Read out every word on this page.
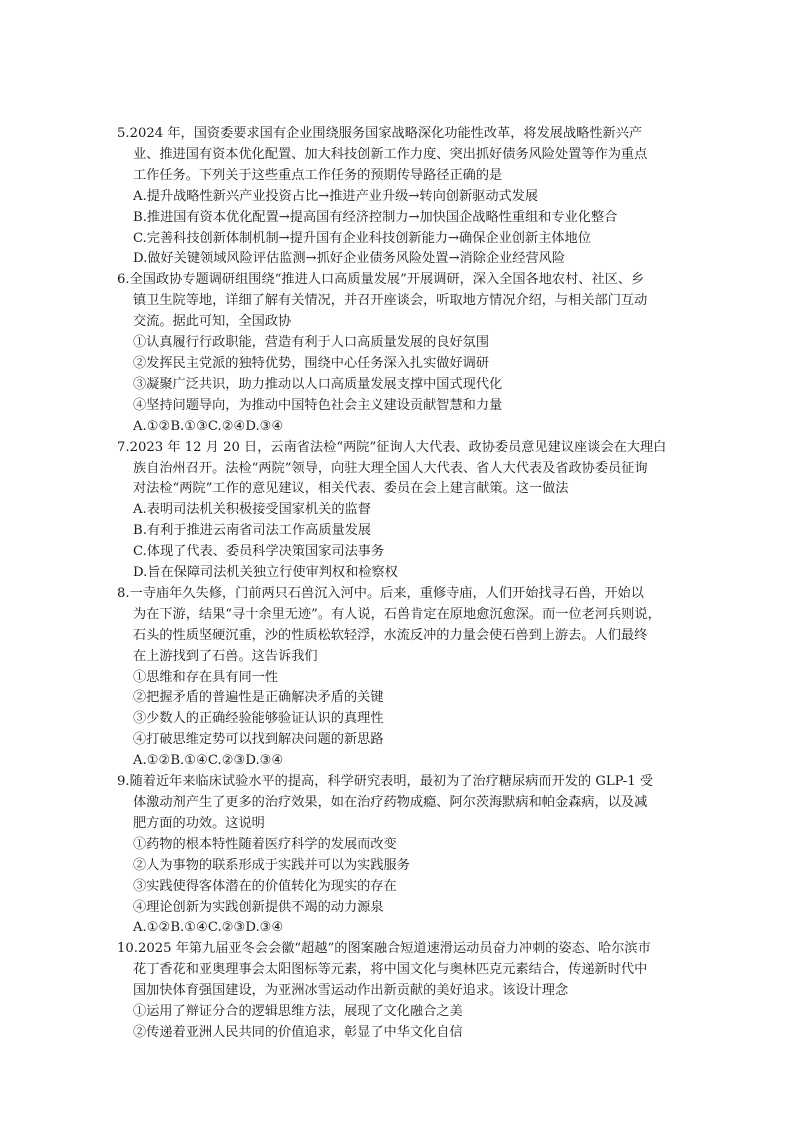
5.2024 年，国资委要求国有企业围绕服务国家战略深化功能性改革，将发展战略性新兴产
业、推进国有资本优化配置、加大科技创新工作力度、突出抓好债务风险处置等作为重点
工作任务。下列关于这些重点工作任务的预期传导路径正确的是
A.提升战略性新兴产业投资占比→推进产业升级→转向创新驱动式发展
B.推进国有资本优化配置→提高国有经济控制力→加快国企战略性重组和专业化整合
C.完善科技创新体制机制→提升国有企业科技创新能力→确保企业创新主体地位
D.做好关键领域风险评估监测→抓好企业债务风险处置→消除企业经营风险
6.全国政协专题调研组围绕“推进人口高质量发展”开展调研，深入全国各地农村、社区、乡
镇卫生院等地，详细了解有关情况，并召开座谈会，听取地方情况介绍，与相关部门互动
交流。据此可知，全国政协
①认真履行行政职能，营造有利于人口高质量发展的良好氛围
②发挥民主党派的独特优势，围绕中心任务深入扎实做好调研
③凝聚广泛共识，助力推动以人口高质量发展支撑中国式现代化
④坚持问题导向，为推动中国特色社会主义建设贡献智慧和力量
A.①②B.①③C.②④D.③④
7.2023 年 12 月 20 日，云南省法检“两院”征询人大代表、政协委员意见建议座谈会在大理白
族自治州召开。法检“两院”领导，向驻大理全国人大代表、省人大代表及省政协委员征询
对法检“两院”工作的意见建议，相关代表、委员在会上建言献策。这一做法
A.表明司法机关积极接受国家机关的监督
B.有利于推进云南省司法工作高质量发展
C.体现了代表、委员科学决策国家司法事务
D.旨在保障司法机关独立行使审判权和检察权
8.一寺庙年久失修，门前两只石兽沉入河中。后来，重修寺庙，人们开始找寻石兽，开始以
为在下游，结果“寻十余里无迹”。有人说，石兽肯定在原地愈沉愈深。而一位老河兵则说，
石头的性质坚硬沉重，沙的性质松软轻浮，水流反冲的力量会使石兽到上游去。人们最终
在上游找到了石兽。这告诉我们
①思维和存在具有同一性
②把握矛盾的普遍性是正确解决矛盾的关键
③少数人的正确经验能够验证认识的真理性
④打破思维定势可以找到解决问题的新思路
A.①②B.①④C.②③D.③④
9.随着近年来临床试验水平的提高，科学研究表明，最初为了治疗糖尿病而开发的 GLP-1 受
体激动剂产生了更多的治疗效果，如在治疗药物成瘾、阿尔茨海默病和帕金森病，以及减
肥方面的功效。这说明
①药物的根本特性随着医疗科学的发展而改变
②人为事物的联系形成于实践并可以为实践服务
③实践使得客体潜在的价值转化为现实的存在
④理论创新为实践创新提供不竭的动力源泉
A.①②B.①④C.②③D.③④
10.2025 年第九届亚冬会会徽“超越”的图案融合短道速滑运动员奋力冲刺的姿态、哈尔滨市
花丁香花和亚奥理事会太阳图标等元素，将中国文化与奥林匹克元素结合，传递新时代中
国加快体育强国建设，为亚洲冰雪运动作出新贡献的美好追求。该设计理念
①运用了辩证分合的逻辑思维方法，展现了文化融合之美
②传递着亚洲人民共同的价值追求，彰显了中华文化自信
